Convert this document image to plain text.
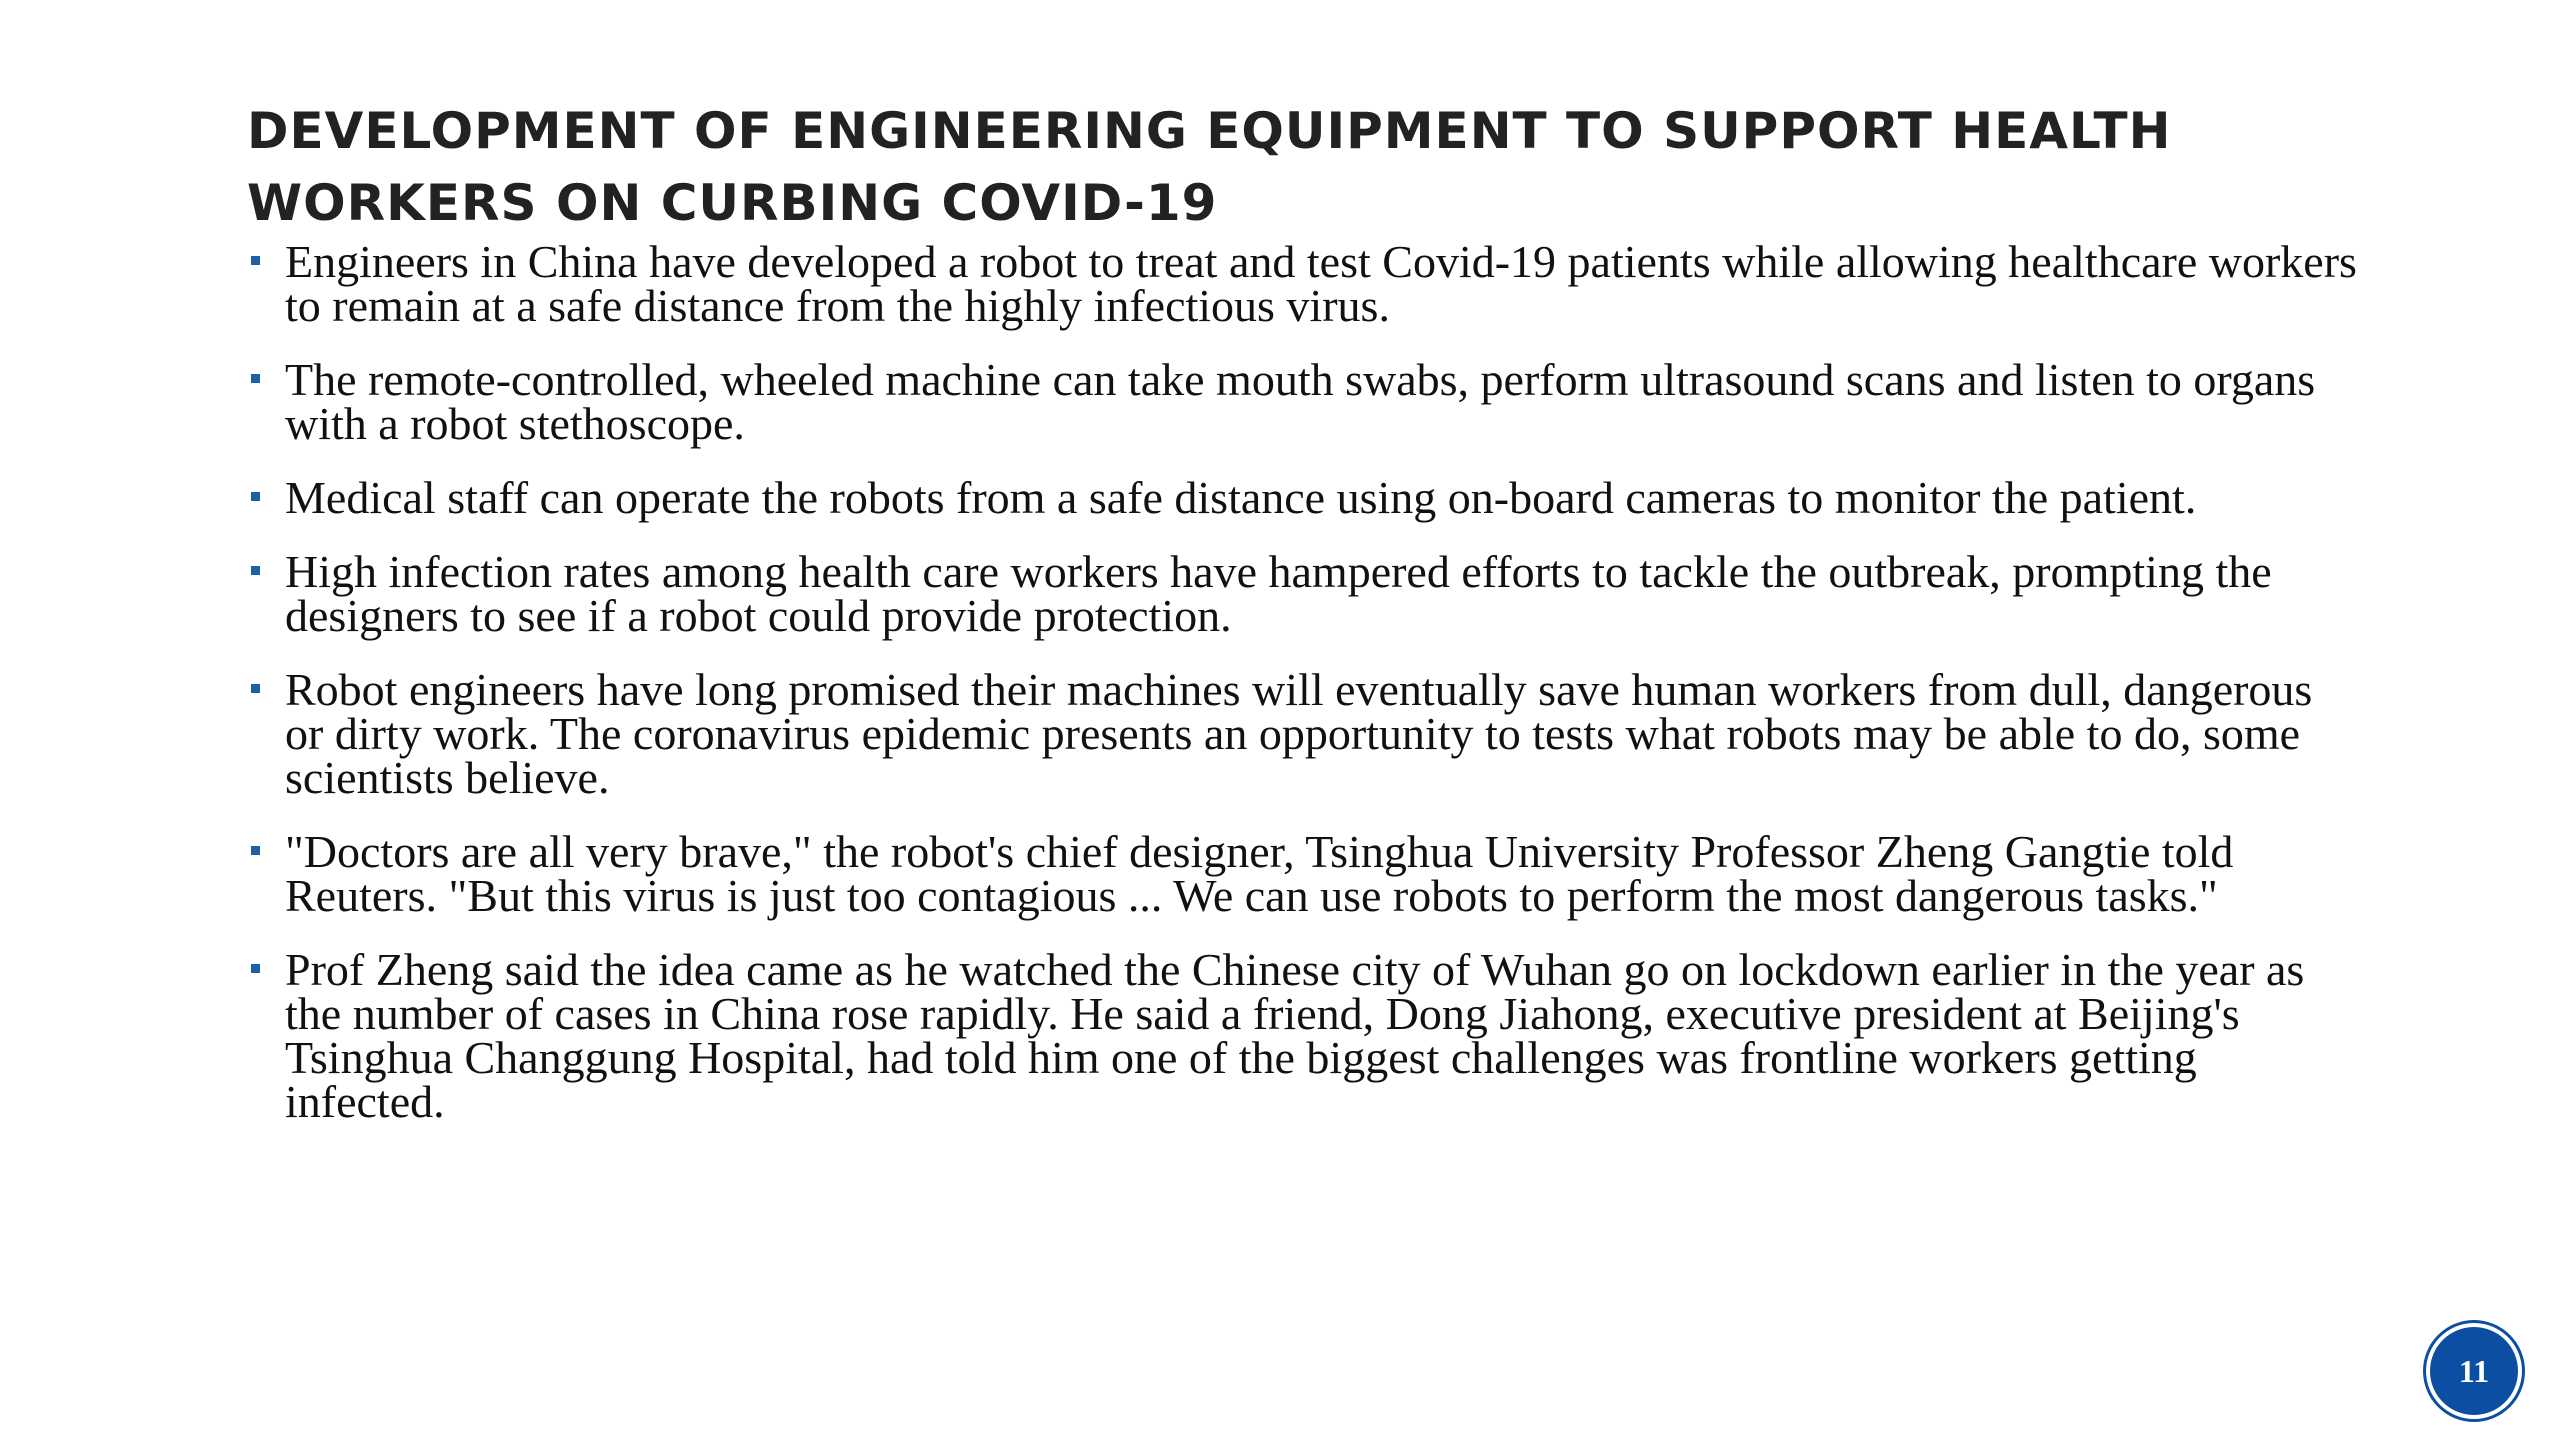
DEVELOPMENT OF ENGINEERING EQUIPMENT TO SUPPORT HEALTH WORKERS ON CURBING COVID-19
Engineers in China have developed a robot to treat and test Covid-19 patients while allowing healthcare workers to remain at a safe distance from the highly infectious virus.
The remote-controlled, wheeled machine can take mouth swabs, perform ultrasound scans and listen to organs with a robot stethoscope.
Medical staff can operate the robots from a safe distance using on-board cameras to monitor the patient.
High infection rates among health care workers have hampered efforts to tackle the outbreak, prompting the designers to see if a robot could provide protection.
Robot engineers have long promised their machines will eventually save human workers from dull, dangerous or dirty work. The coronavirus epidemic presents an opportunity to tests what robots may be able to do, some scientists believe.
"Doctors are all very brave," the robot's chief designer, Tsinghua University Professor Zheng Gangtie told Reuters. "But this virus is just too contagious ... We can use robots to perform the most dangerous tasks."
Prof Zheng said the idea came as he watched the Chinese city of Wuhan go on lockdown earlier in the year as the number of cases in China rose rapidly. He said a friend, Dong Jiahong, executive president at Beijing's Tsinghua Changgung Hospital, had told him one of the biggest challenges was frontline workers getting infected.
11
